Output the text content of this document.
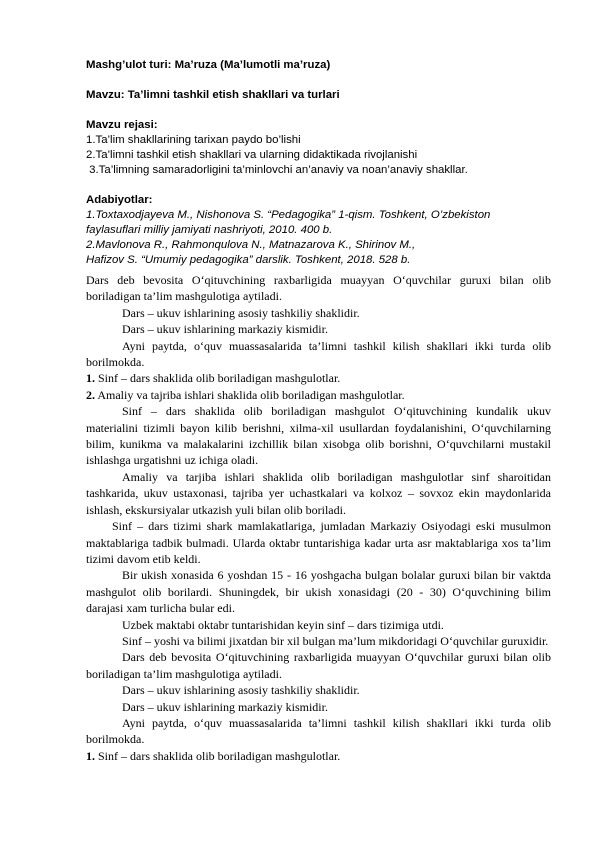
Mashg’ulot turi: Ma’ruza (Ma’lumotli ma’ruza)
Mavzu: Ta’limni tashkil etish shakllari va turlari
Mavzu rejasi:
1.Ta’lim shakllarining tarixan paydo bo’lishi
2.Ta’limni tashkil etish shakllari va ularning didaktikada rivojlanishi
3.Ta’limning samaradorligini ta’minlovchi an’anaviy va noan’anaviy shakllar.
Adabiyotlar:
1.Toxtaxodjayeva M., Nishonova S. “Pedagogika” 1-qism. Toshkent, O’zbekiston
faylasuflari milliy jamiyati nashriyoti, 2010. 400 b.
2.Mavlonova R., Rahmonqulova N., Matnazarova K., Shirinov M.,
Hafizov S. “Umumiy pedagogika” darslik. Toshkent, 2018. 528 b.

Dars deb bevosita O‘qituvchining raxbarligida muayyan O‘quvchilar guruxi bilan olib boriladigan ta’lim mashgulotiga aytiladi.

Dars – ukuv ishlarining asosiy tashkiliy shaklidir.

Dars – ukuv ishlarining markaziy kismidir.

Ayni paytda, o‘quv muassasalarida ta’limni tashkil kilish shakllari ikki turda olib borilmokda.

1. Sinf – dars shaklida olib boriladigan mashgulotlar.

2. Amaliy va tajriba ishlari shaklida olib boriladigan mashgulotlar.

Sinf – dars shaklida olib boriladigan mashgulot O‘qituvchining kundalik ukuv materialini tizimli bayon kilib berishni, xilma-xil usullardan foydalanishini, O‘quvchilarning bilim, kunikma va malakalarini izchillik bilan xisobga olib borishni, O‘quvchilarni mustakil ishlashga urgatishni uz ichiga oladi.

Amaliy va tarjiba ishlari shaklida olib boriladigan mashgulotlar sinf sharoitidan tashkarida, ukuv ustaxonasi, tajriba yer uchastkalari va kolxoz – sovxoz ekin maydonlarida ishlash, ekskursiyalar utkazish yuli bilan olib boriladi.

Sinf – dars tizimi shark mamlakatlariga, jumladan Markaziy Osiyodagi eski musulmon maktablariga tadbik bulmadi. Ularda oktabr tuntarishiga kadar urta asr maktablariga xos ta’lim tizimi davom etib keldi.

Bir ukish xonasida 6 yoshdan 15 - 16 yoshgacha bulgan bolalar guruxi bilan bir vaktda mashgulot olib borilardi. Shuningdek, bir ukish xonasidagi (20 - 30) O‘quvchining bilim darajasi xam turlicha bular edi.

Uzbek maktabi oktabr tuntarishidan keyin sinf – dars tizimiga utdi.

Sinf – yoshi va bilimi jixatdan bir xil bulgan ma’lum mikdoridagi O‘quvchilar guruxidir.

Dars deb bevosita O‘qituvchining raxbarligida muayyan O‘quvchilar guruxi bilan olib boriladigan ta’lim mashgulotiga aytiladi.

Dars – ukuv ishlarining asosiy tashkiliy shaklidir.

Dars – ukuv ishlarining markaziy kismidir.

Ayni paytda, o‘quv muassasalarida ta’limni tashkil kilish shakllari ikki turda olib borilmokda.

1. Sinf – dars shaklida olib boriladigan mashgulotlar.
